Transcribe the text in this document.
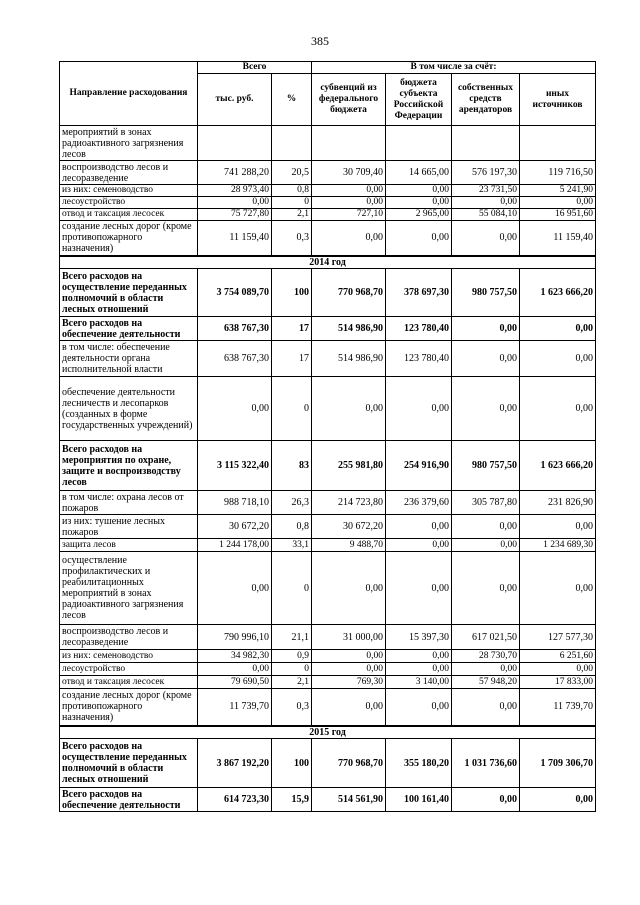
385
Направление расходования	Всего		В том числе за счёт:			
	тыс. руб.	%	субвенций из федерального бюджета	бюджета субъекта Российской Федерации	собственных средств арендаторов	иных источников
мероприятий в зонах радиоактивного загрязнения лесов						
воспроизводство лесов и лесоразведение	741 288,20	20,5	30 709,40	14 665,00	576 197,30	119 716,50
из них: семеноводство	28 973,40	0,8	0,00	0,00	23 731,50	5 241,90
лесоустройство	0,00	0	0,00	0,00	0,00	0,00
отвод и таксация лесосек	75 727,80	2,1	727,10	2 965,00	55 084,10	16 951,60
создание лесных дорог (кроме противопожарного назначения)	11 159,40	0,3	0,00	0,00	0,00	11 159,40
2014 год						
Всего расходов на осуществление переданных полномочий в области лесных отношений	3 754 089,70	100	770 968,70	378 697,30	980 757,50	1 623 666,20
Всего расходов на обеспечение деятельности	638 767,30	17	514 986,90	123 780,40	0,00	0,00
в том числе: обеспечение деятельности органа исполнительной власти	638 767,30	17	514 986,90	123 780,40	0,00	0,00
обеспечение деятельности лесничеств и лесопарков (созданных в форме государственных учреждений)	0,00	0	0,00	0,00	0,00	0,00
Всего расходов на мероприятия по охране, защите и воспроизводству лесов	3 115 322,40	83	255 981,80	254 916,90	980 757,50	1 623 666,20
в том числе: охрана лесов от пожаров	988 718,10	26,3	214 723,80	236 379,60	305 787,80	231 826,90
из них: тушение лесных пожаров	30 672,20	0,8	30 672,20	0,00	0,00	0,00
защита лесов	1 244 178,00	33,1	9 488,70	0,00	0,00	1 234 689,30
осуществление профилактических и реабилитационных мероприятий в зонах радиоактивного загрязнения лесов	0,00	0	0,00	0,00	0,00	0,00
воспроизводство лесов и лесоразведение	790 996,10	21,1	31 000,00	15 397,30	617 021,50	127 577,30
из них: семеноводство	34 982,30	0,9	0,00	0,00	28 730,70	6 251,60
лесоустройство	0,00	0	0,00	0,00	0,00	0,00
отвод и таксация лесосек	79 690,50	2,1	769,30	3 140,00	57 948,20	17 833,00
создание лесных дорог (кроме противопожарного назначения)	11 739,70	0,3	0,00	0,00	0,00	11 739,70
2015 год						
Всего расходов на осуществление переданных полномочий в области лесных отношений	3 867 192,20	100	770 968,70	355 180,20	1 031 736,60	1 709 306,70
Всего расходов на обеспечение деятельности	614 723,30	15,9	514 561,90	100 161,40	0,00	0,00
